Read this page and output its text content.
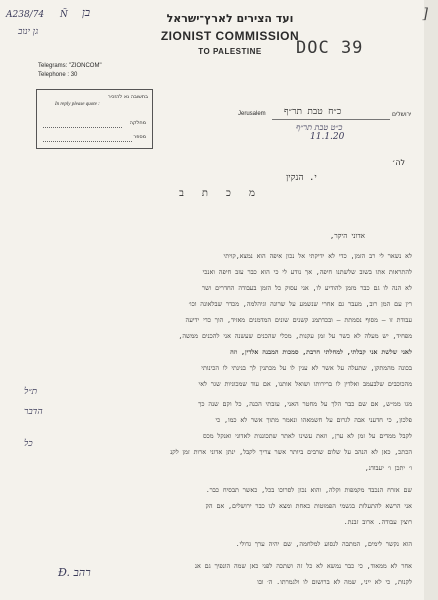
]
A238/74 Ñ בן
גן ינוב
DOC 39
ועד הצירים לארץ־ישראל
ZIONIST COMMISSION
TO PALESTINE
Telegrams: "ZIONCOM"
Telephone : 30
בתשובה נא להזכיר
In reply please quote :
מחלקה
מספר
Jerusalem כ״ח טבת תר״ף	ירושלים
כ״ט טבת תר״ף
11.1.20
לה׳
י. הנקין
מ כ ת ב
אדוני היקר,
לא נשאר לי רב הזמן, כדי לא ידיקתי אל נכון איפה הוא נמצא,קויתי
להתראות אתו בשוב שלשתנו חיפה, אך נודע לי כי הוא כבר עזב חיפה ואנכי
לא הנה לו גם כבר מזמן להודיע לו, אני עסוק כל הזמן בעבודה החדרים ושר
רין עם המן רוב, מעבר גם אחרי שנשמע על שרונה וגיהלמה, מכדר שבלאונה וכו׳
עבודת זו — מסוף נסמתת — ובכדתמנ קשנים שונים המדמנים מאזיד, הוך כדי ידיעה
מפחיד, יש מעלה לא כשר על זמן עקנות, מכלי שהכנים שעשנה אני להכנים ממשה,
לאני שלשת אני קבלתי, למחלתי חרבת, סמכות המבנה אלדין, וזה
בכונה מהמתקן, שתעלה על אשר לא ענין לו על מכתנין לך בנינתי לו הכינותי
מהכוכבים שלבעמב ואלדין לו ברירותו ושואל אותנו, אם עוד שמכוניות שגר לאי
מגו ממ״ש, אם שם כבר הלך על מחטר האני, עזבתי הכנה, כל וקם שנה כך
פלכון, כי חדעני אבה לגרום על חשמאהו ונאמר מתוך אשר לא כמו, כי
לקבל ממדים על זמן לא ערן, וזאת עשינו לאתר שתכוננות לאדוני ואנקל מכס
הכתכ, כאן לא הנהב על שלום שרבים ביותר אשר צריך לקבל, ינתן אדוני ארות זמן לקנ
ו׳ יתכן ו׳ יעבודנ,
שם אזרח הנכבד מקמפות וקלה, והוא נכון לסרוכו בכל, כאשר תבסיח כבר.
אני הרשא להתעלות בגשמי הפמוטות כאחת ומצא לנו כבר ירושלים, אם הק
רוצין עבודה. ארוב זבנת.
הוא נקשר לימים, המתבה לנסוע למלחמה, שם יהיה ערך גדולי.
אחר לא ממאוד, כי כבר נמשא לא כל זה ושתכה לפני כאן שמה הונפיך גם אנ
לקנות, כי לא ייני, שמה לא ברושום לו ולגמרתו. ה׳ ובו
ת״ל
הדבר
כל
Ð. רהב
